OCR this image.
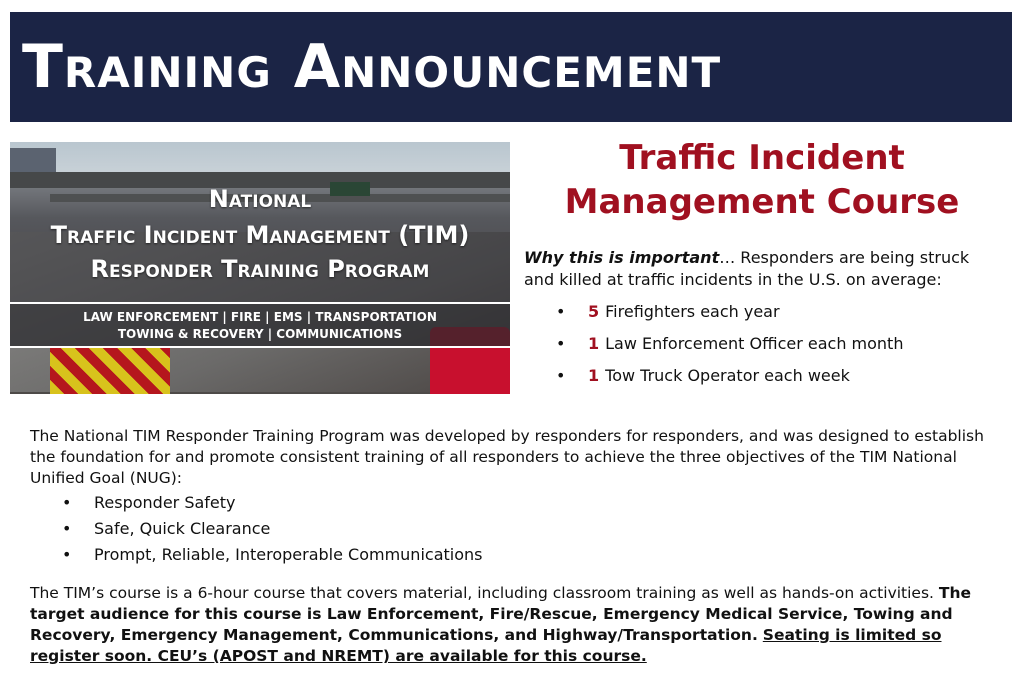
Training Announcement
National
Traffic Incident Management (TIM)
Responder Training Program
LAW ENFORCEMENT | FIRE | EMS | TRANSPORTATION
TOWING & RECOVERY | COMMUNICATIONS
Traffic Incident
Management Course
Why this is important… Responders are being struck and killed at traffic incidents in the U.S. on average:
•	5 Firefighters each year
•	1 Law Enforcement Officer each month
•	1 Tow Truck Operator each week
The National TIM Responder Training Program was developed by responders for responders, and was designed to establish the foundation for and promote consistent training of all responders to achieve the three objectives of the TIM National Unified Goal (NUG):
•	Responder Safety
•	Safe, Quick Clearance
•	Prompt, Reliable, Interoperable Communications
The TIM’s course is a 6-hour course that covers material, including classroom training as well as hands-on activities. The target audience for this course is Law Enforcement, Fire/Rescue, Emergency Medical Service, Towing and Recovery, Emergency Management, Communications, and Highway/Transportation. Seating is limited so register soon. CEU’s (APOST and NREMT) are available for this course.
